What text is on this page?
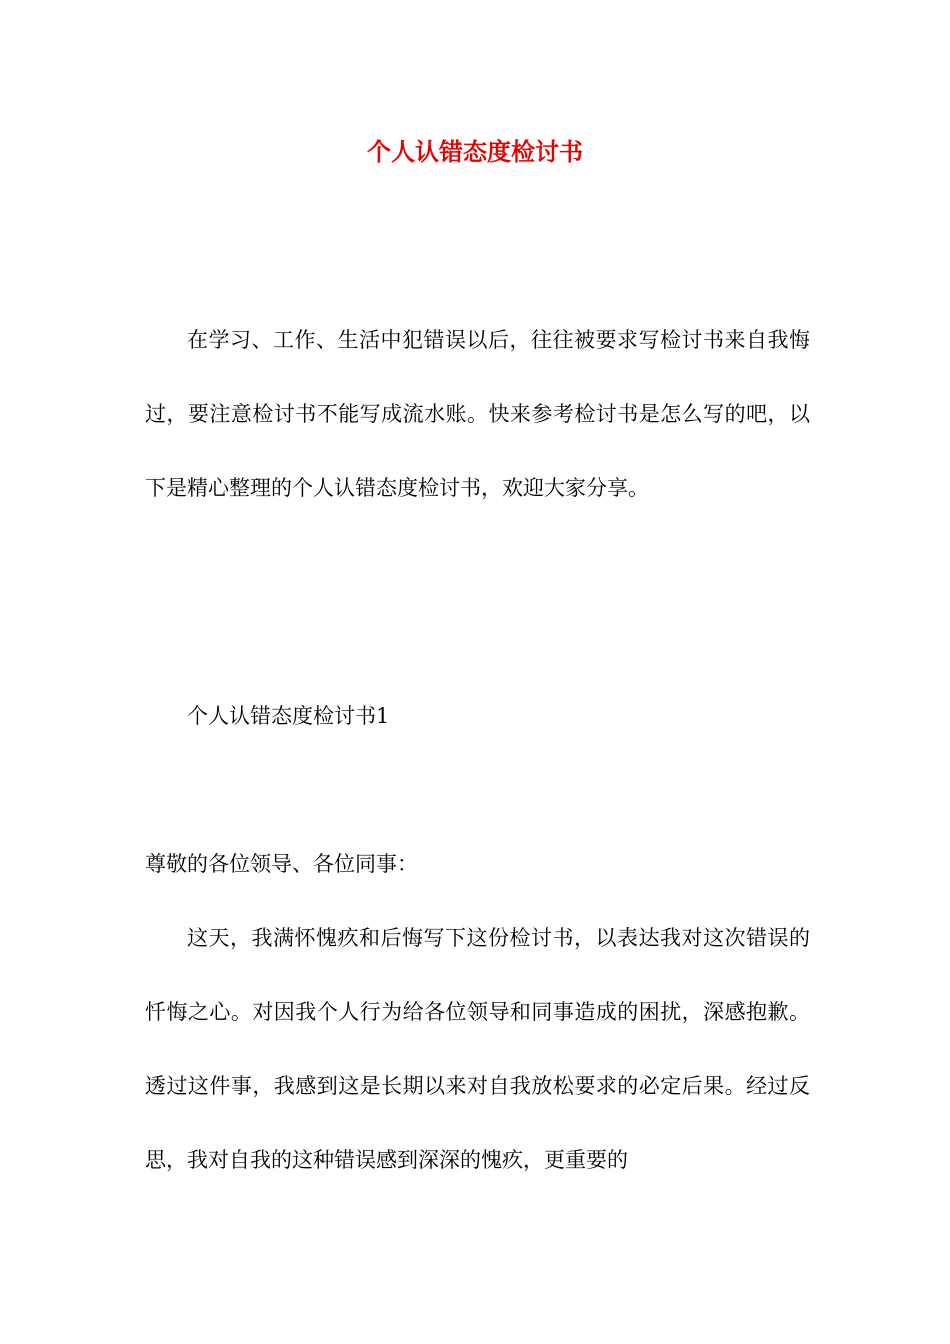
个人认错态度检讨书

在学习、工作、生活中犯错误以后，往往被要求写检讨书来自我悔过，要注意检讨书不能写成流水账。快来参考检讨书是怎么写的吧，以下是精心整理的个人认错态度检讨书，欢迎大家分享。

个人认错态度检讨书1

尊敬的各位领导、各位同事：

这天，我满怀愧疚和后悔写下这份检讨书，以表达我对这次错误的忏悔之心。对因我个人行为给各位领导和同事造成的困扰，深感抱歉。透过这件事，我感到这是长期以来对自我放松要求的必定后果。经过反思，我对自我的这种错误感到深深的愧疚，更重要的
